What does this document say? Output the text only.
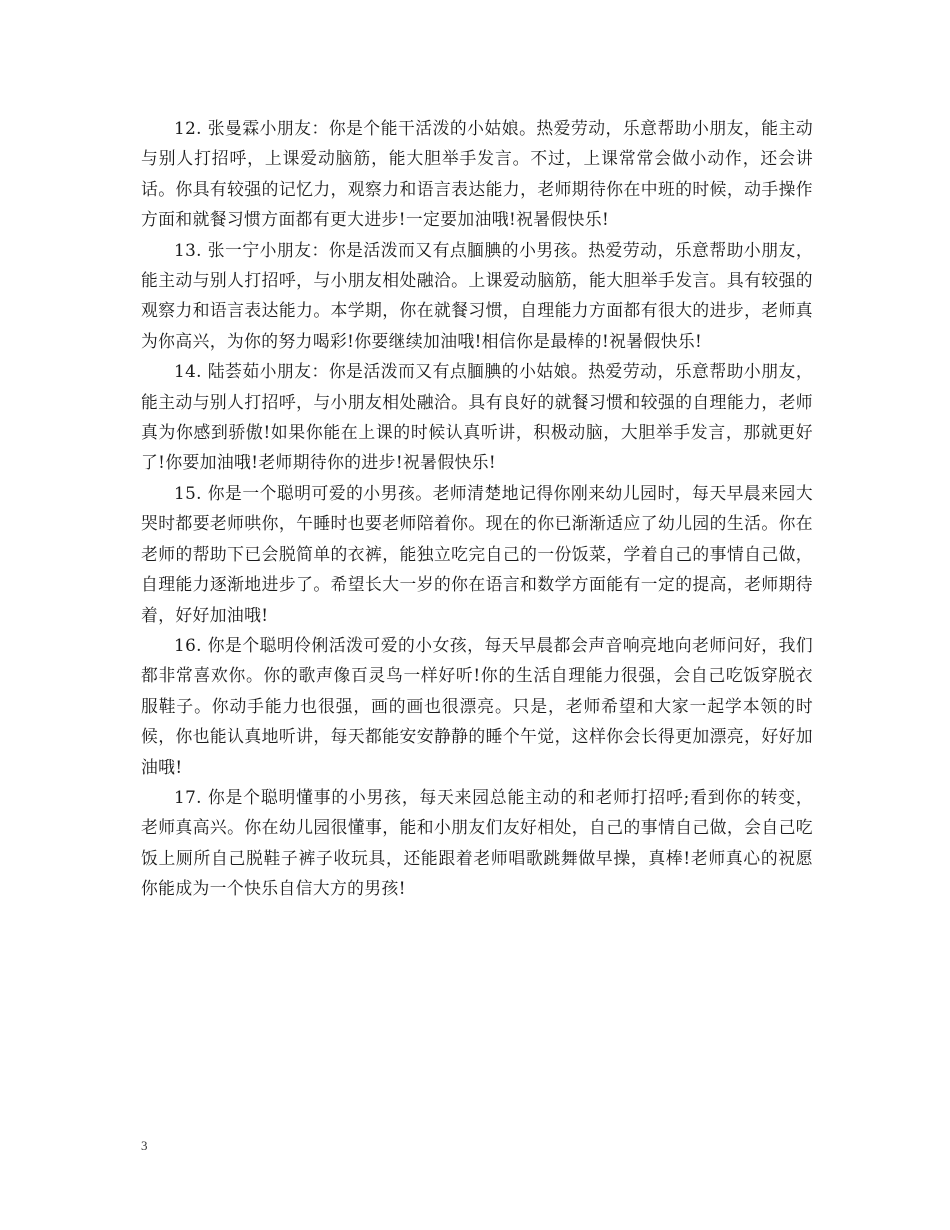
12. 张曼霖小朋友：你是个能干活泼的小姑娘。热爱劳动，乐意帮助小朋友，能主动与别人打招呼，上课爱动脑筋，能大胆举手发言。不过，上课常常会做小动作，还会讲话。你具有较强的记忆力，观察力和语言表达能力，老师期待你在中班的时候，动手操作方面和就餐习惯方面都有更大进步!一定要加油哦!祝暑假快乐!

13. 张一宁小朋友：你是活泼而又有点腼腆的小男孩。热爱劳动，乐意帮助小朋友，能主动与别人打招呼，与小朋友相处融洽。上课爱动脑筋，能大胆举手发言。具有较强的观察力和语言表达能力。本学期，你在就餐习惯，自理能力方面都有很大的进步，老师真为你高兴，为你的努力喝彩!你要继续加油哦!相信你是最棒的!祝暑假快乐!

14. 陆荟茹小朋友：你是活泼而又有点腼腆的小姑娘。热爱劳动，乐意帮助小朋友，能主动与别人打招呼，与小朋友相处融洽。具有良好的就餐习惯和较强的自理能力，老师真为你感到骄傲!如果你能在上课的时候认真听讲，积极动脑，大胆举手发言，那就更好了!你要加油哦!老师期待你的进步!祝暑假快乐!

15. 你是一个聪明可爱的小男孩。老师清楚地记得你刚来幼儿园时，每天早晨来园大哭时都要老师哄你，午睡时也要老师陪着你。现在的你已渐渐适应了幼儿园的生活。你在老师的帮助下已会脱简单的衣裤，能独立吃完自己的一份饭菜，学着自己的事情自己做，自理能力逐渐地进步了。希望长大一岁的你在语言和数学方面能有一定的提高，老师期待着，好好加油哦!

16. 你是个聪明伶俐活泼可爱的小女孩，每天早晨都会声音响亮地向老师问好，我们都非常喜欢你。你的歌声像百灵鸟一样好听!你的生活自理能力很强，会自己吃饭穿脱衣服鞋子。你动手能力也很强，画的画也很漂亮。只是，老师希望和大家一起学本领的时候，你也能认真地听讲，每天都能安安静静的睡个午觉，这样你会长得更加漂亮，好好加油哦!

17. 你是个聪明懂事的小男孩，每天来园总能主动的和老师打招呼;看到你的转变，老师真高兴。你在幼儿园很懂事，能和小朋友们友好相处，自己的事情自己做，会自己吃饭上厕所自己脱鞋子裤子收玩具，还能跟着老师唱歌跳舞做早操，真棒!老师真心的祝愿你能成为一个快乐自信大方的男孩!

3
